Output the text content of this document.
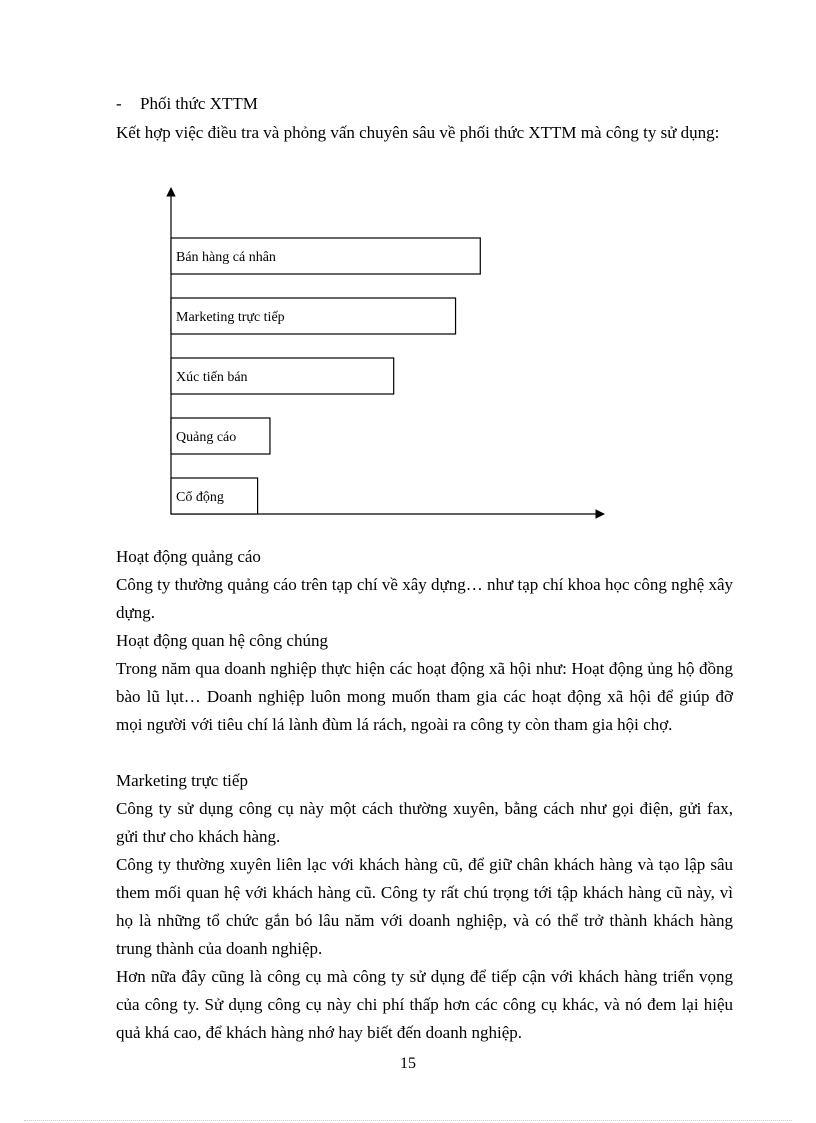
- Phối thức XTTM

Kết hợp việc điều tra và phỏng vấn chuyên sâu về phối thức XTTM mà công ty sử dụng:

Bán hàng cá nhân
Marketing trực tiếp
Xúc tiến bán
Quảng cáo
Cổ động

Hoạt động quảng cáo

Công ty thường quảng cáo trên tạp chí về xây dựng… như tạp chí khoa học công nghệ xây dựng.

Hoạt động quan hệ công chúng

Trong năm qua doanh nghiệp thực hiện các hoạt động xã hội như: Hoạt động ủng hộ đồng bào lũ lụt… Doanh nghiệp luôn mong muốn tham gia các hoạt động xã hội để giúp đỡ mọi người với tiêu chí lá lành đùm lá rách, ngoài ra công ty còn tham gia hội chợ.

Marketing trực tiếp

Công ty sử dụng công cụ này một cách thường xuyên, bằng cách như gọi điện, gửi fax, gửi thư cho khách hàng.

Công ty thường xuyên liên lạc với khách hàng cũ, để giữ chân khách hàng và tạo lập sâu them mối quan hệ với khách hàng cũ. Công ty rất chú trọng tới tập khách hàng cũ này, vì họ là những tổ chức gắn bó lâu năm với doanh nghiệp, và có thể trở thành khách hàng trung thành của doanh nghiệp.

Hơn nữa đây cũng là công cụ mà công ty sử dụng để tiếp cận với khách hàng triển vọng của công ty. Sử dụng công cụ này chi phí thấp hơn các công cụ khác, và nó đem lại hiệu quả khá cao, để khách hàng nhớ hay biết đến doanh nghiệp.

15
